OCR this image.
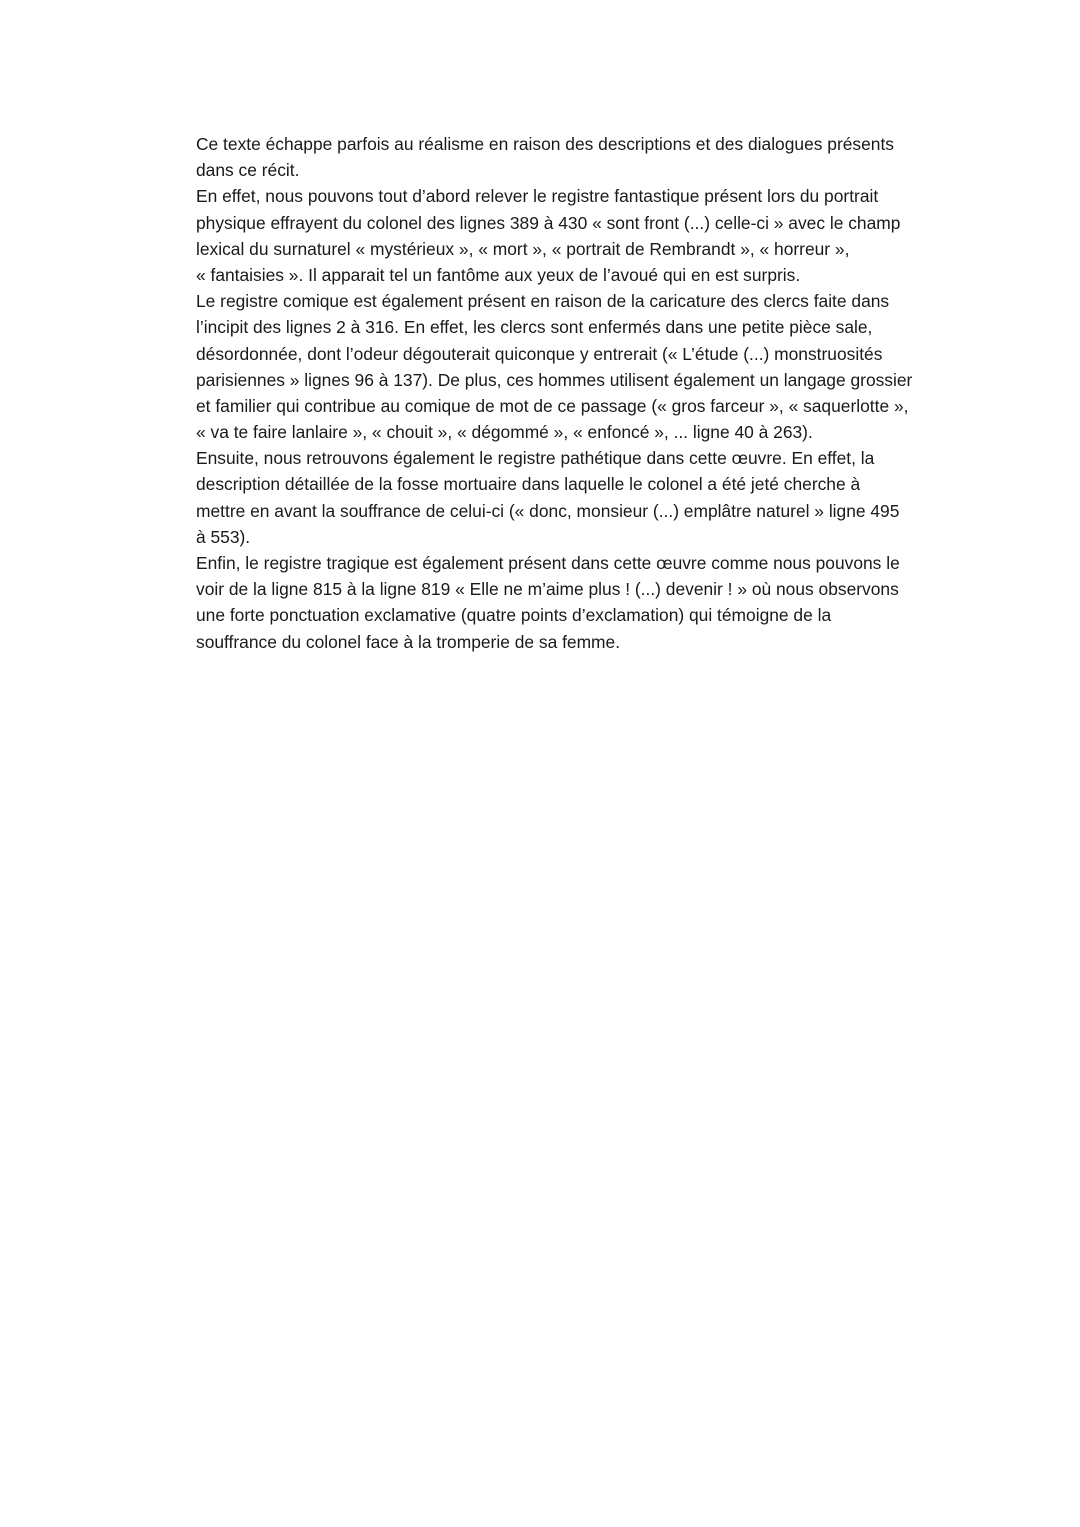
Ce texte échappe parfois au réalisme en raison des descriptions et des dialogues présents
dans ce récit.
En effet, nous pouvons tout d’abord relever le registre fantastique présent lors du portrait
physique effrayent du colonel des lignes 389 à 430 « sont front (...) celle-ci » avec le champ
lexical du surnaturel « mystérieux », « mort », « portrait de Rembrandt », « horreur »,
« fantaisies ». Il apparait tel un fantôme aux yeux de l’avoué qui en est surpris.
Le registre comique est également présent en raison de la caricature des clercs faite dans
l’incipit des lignes 2 à 316. En effet, les clercs sont enfermés dans une petite pièce sale,
désordonnée, dont l’odeur dégouterait quiconque y entrerait (« L’étude (...) monstruosités
parisiennes » lignes 96 à 137). De plus, ces hommes utilisent également un langage grossier
et familier qui contribue au comique de mot de ce passage (« gros farceur », « saquerlotte »,
« va te faire lanlaire », « chouit », « dégommé », « enfoncé », ... ligne 40 à 263).
Ensuite, nous retrouvons également le registre pathétique dans cette œuvre. En effet, la
description détaillée de la fosse mortuaire dans laquelle le colonel a été jeté cherche à
mettre en avant la souffrance de celui-ci (« donc, monsieur (...) emplâtre naturel » ligne 495
à 553).
Enfin, le registre tragique est également présent dans cette œuvre comme nous pouvons le
voir de la ligne 815 à la ligne 819 « Elle ne m’aime plus ! (...) devenir ! » où nous observons
une forte ponctuation exclamative (quatre points d’exclamation) qui témoigne de la
souffrance du colonel face à la tromperie de sa femme.
